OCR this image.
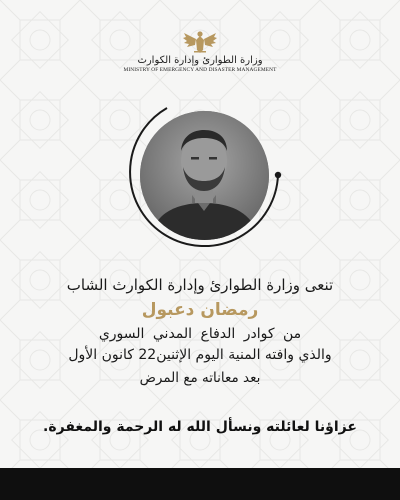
وزارة الطوارئ وإدارة الكوارث
MINISTRY OF EMERGENCY AND DISASTER MANAGEMENT
تنعى وزارة الطوارئ وإدارة الكوارث الشاب
رمضان دعبول
من كوادر الدفاع المدني السوري
والذي وافته المنية اليوم الإثنين22 كانون الأول
بعد معاناته مع المرض
عزاؤنا لعائلته ونسأل الله له الرحمة والمغفرة.
